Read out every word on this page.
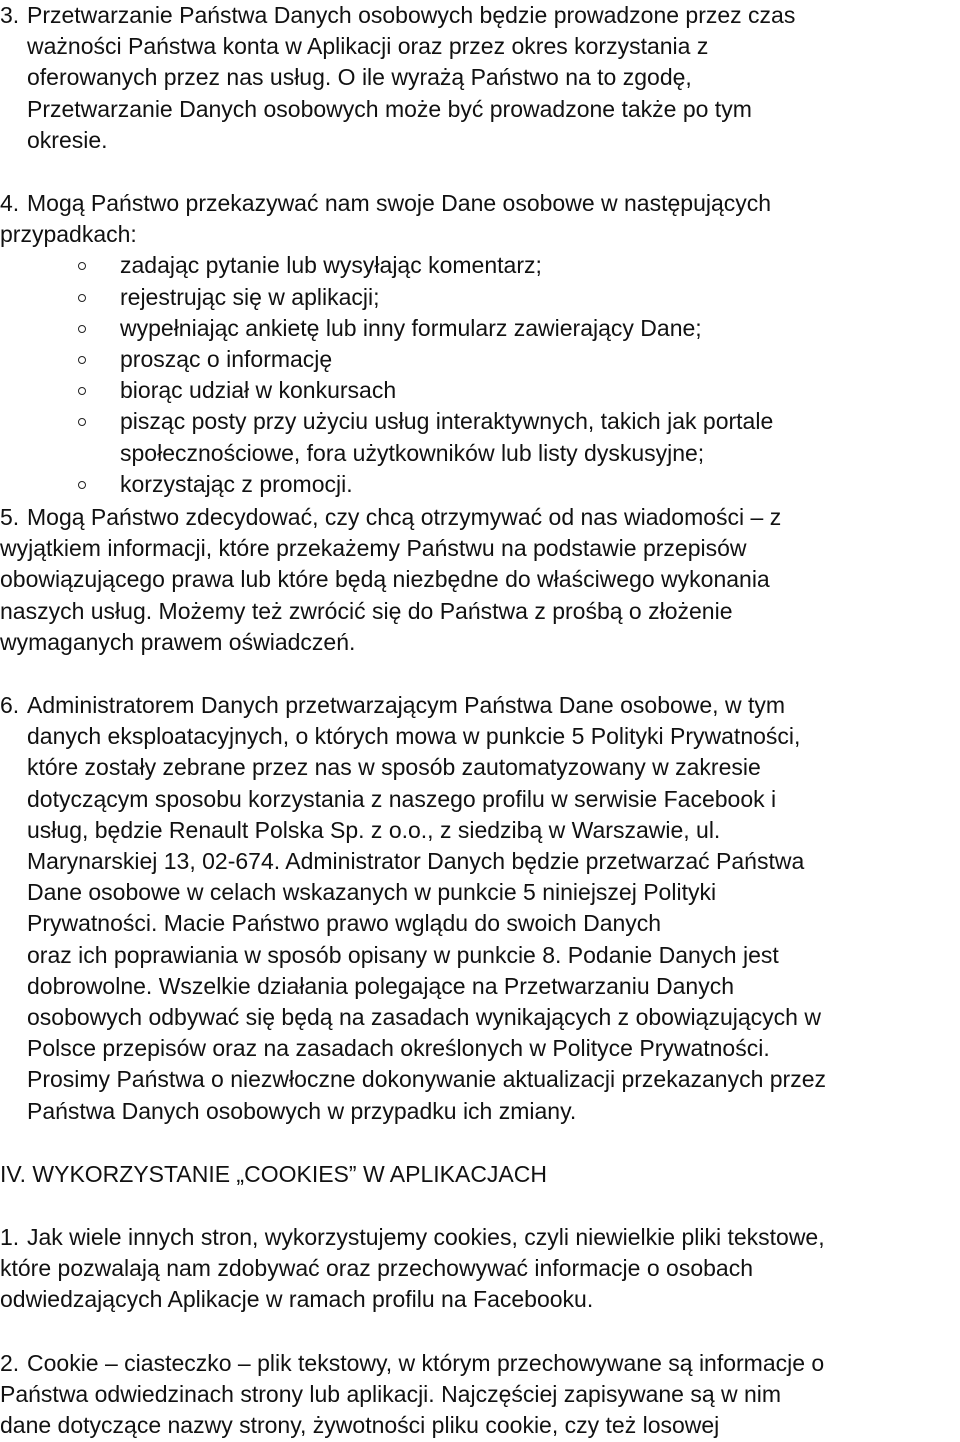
3. Przetwarzanie Państwa Danych osobowych będzie prowadzone przez czas
ważności Państwa konta w Aplikacji oraz przez okres korzystania z
oferowanych przez nas usług. O ile wyrażą Państwo na to zgodę,
Przetwarzanie Danych osobowych może być prowadzone także po tym
okresie.
4. Mogą Państwo przekazywać nam swoje Dane osobowe w następujących
przypadkach:
zadając pytanie lub wysyłając komentarz;
rejestrując się w aplikacji;
wypełniając ankietę lub inny formularz zawierający Dane;
prosząc o informację
biorąc udział w konkursach
pisząc posty przy użyciu usług interaktywnych, takich jak portale
społecznościowe, fora użytkowników lub listy dyskusyjne;
korzystając z promocji.
5. Mogą Państwo zdecydować, czy chcą otrzymywać od nas wiadomości – z
wyjątkiem informacji, które przekażemy Państwu na podstawie przepisów
obowiązującego prawa lub które będą niezbędne do właściwego wykonania
naszych usług. Możemy też zwrócić się do Państwa z prośbą o złożenie
wymaganych prawem oświadczeń.
6. Administratorem Danych przetwarzającym Państwa Dane osobowe, w tym
danych eksploatacyjnych, o których mowa w punkcie 5 Polityki Prywatności,
które zostały zebrane przez nas w sposób zautomatyzowany w zakresie
dotyczącym sposobu korzystania z naszego profilu w serwisie Facebook i
usług, będzie Renault Polska Sp. z o.o., z siedzibą w Warszawie, ul.
Marynarskiej 13, 02-674. Administrator Danych będzie przetwarzać Państwa
Dane osobowe w celach wskazanych w punkcie 5 niniejszej Polityki
Prywatności. Macie Państwo prawo wglądu do swoich Danych
oraz ich poprawiania w sposób opisany w punkcie 8. Podanie Danych jest
dobrowolne. Wszelkie działania polegające na Przetwarzaniu Danych
osobowych odbywać się będą na zasadach wynikających z obowiązujących w
Polsce przepisów oraz na zasadach określonych w Polityce Prywatności.
Prosimy Państwa o niezwłoczne dokonywanie aktualizacji przekazanych przez
Państwa Danych osobowych w przypadku ich zmiany.
IV. WYKORZYSTANIE „COOKIES” W APLIKACJACH
1. Jak wiele innych stron, wykorzystujemy cookies, czyli niewielkie pliki tekstowe,
które pozwalają nam zdobywać oraz przechowywać informacje o osobach
odwiedzających Aplikacje w ramach profilu na Facebooku.
2. Cookie – ciasteczko – plik tekstowy, w którym przechowywane są informacje o
Państwa odwiedzinach strony lub aplikacji. Najczęściej zapisywane są w nim
dane dotyczące nazwy strony, żywotności pliku cookie, czy też losowej
